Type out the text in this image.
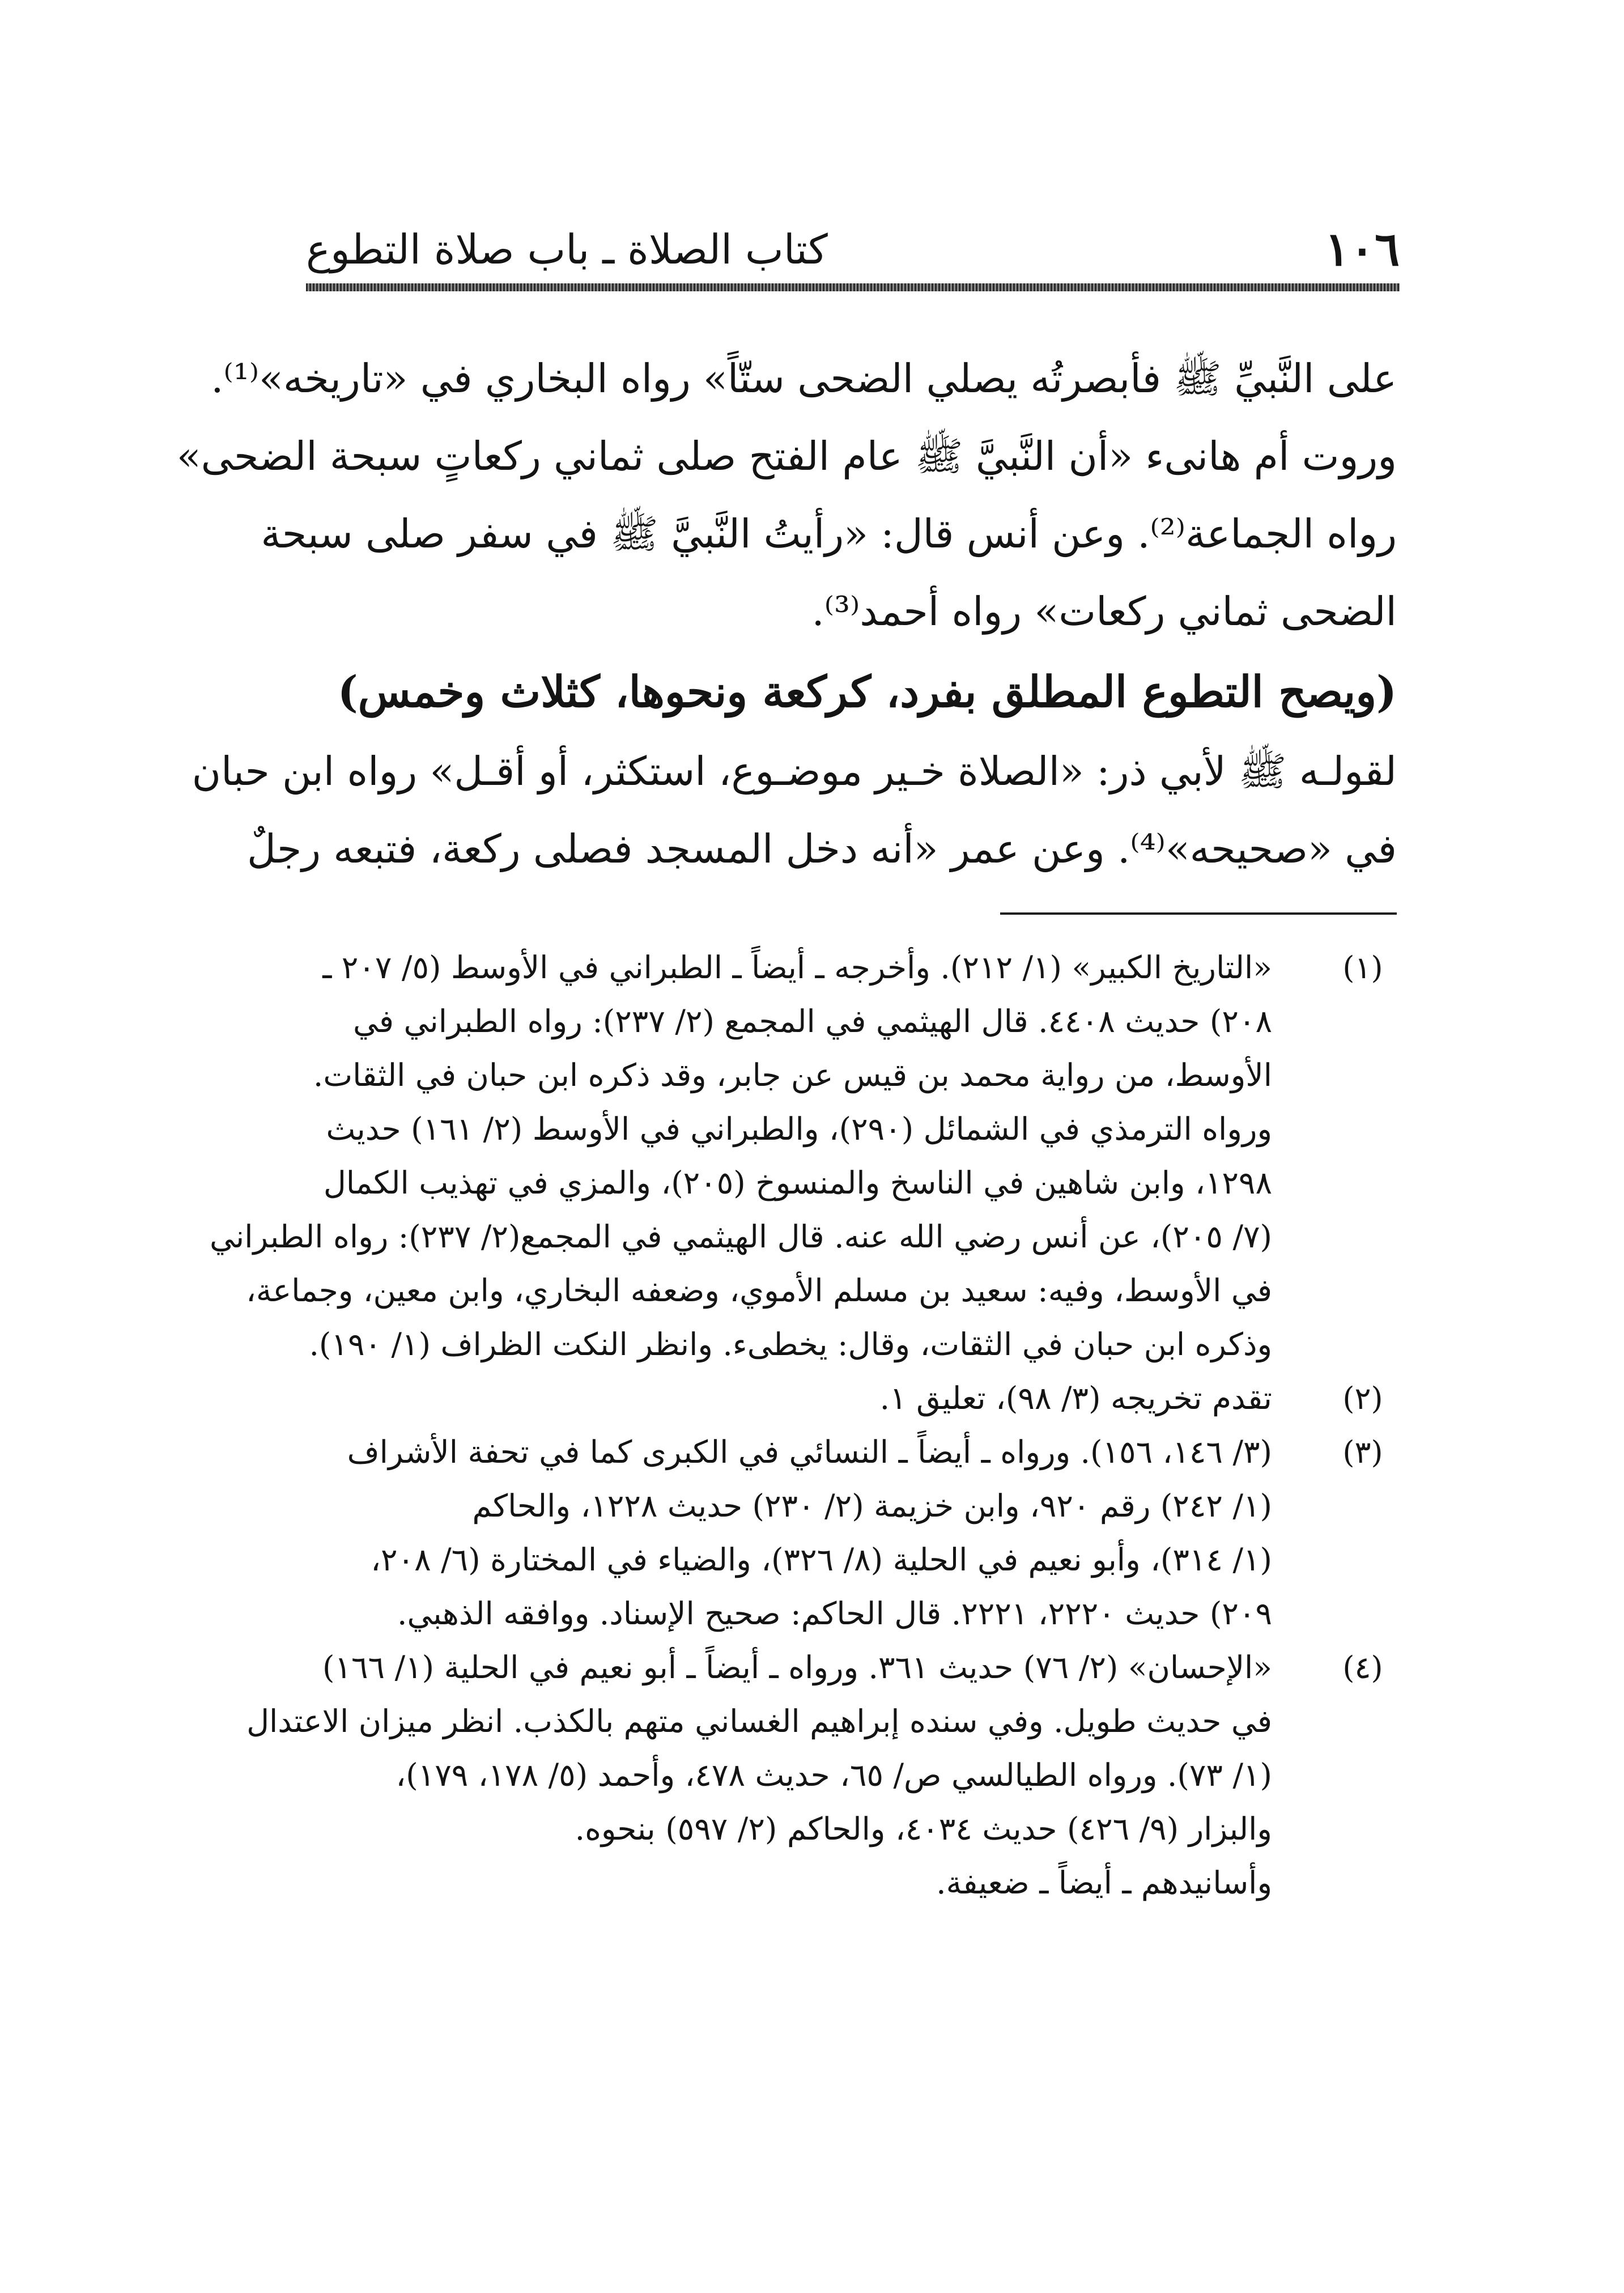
١٠٦
كتاب الصلاة ـ باب صلاة التطوع
على النَّبيِّ ﷺ فأبصرتُه يصلي الضحى ستّاً» رواه البخاري في «تاريخه»⁽¹⁾.
وروت أم هانىء «أن النَّبيَّ ﷺ عام الفتح صلى ثماني ركعاتٍ سبحة الضحى»
رواه الجماعة⁽²⁾. وعن أنس قال: «رأيتُ النَّبيَّ ﷺ في سفر صلى سبحة
الضحى ثماني ركعات» رواه أحمد⁽³⁾.
(ويصح التطوع المطلق بفرد، كركعة ونحوها، كثلاث وخمس)
لقولـه ﷺ لأبي ذر: «الصلاة خـير موضـوع، استكثر، أو أقـل» رواه ابن حبان
في «صحيحه»⁽⁴⁾. وعن عمر «أنه دخل المسجد فصلى ركعة، فتبعه رجلٌ
(١)
«التاريخ الكبير» (١/ ٢١٢). وأخرجه ـ أيضاً ـ الطبراني في الأوسط (٥/ ٢٠٧ ـ
٢٠٨) حديث ٤٤٠٨. قال الهيثمي في المجمع (٢/ ٢٣٧): رواه الطبراني في
الأوسط، من رواية محمد بن قيس عن جابر، وقد ذكره ابن حبان في الثقات.
ورواه الترمذي في الشمائل (٢٩٠)، والطبراني في الأوسط (٢/ ١٦١) حديث
١٢٩٨، وابن شاهين في الناسخ والمنسوخ (٢٠٥)، والمزي في تهذيب الكمال
(٧/ ٢٠٥)، عن أنس رضي الله عنه. قال الهيثمي في المجمع(٢/ ٢٣٧): رواه الطبراني
في الأوسط، وفيه: سعيد بن مسلم الأموي، وضعفه البخاري، وابن معين، وجماعة،
وذكره ابن حبان في الثقات، وقال: يخطىء. وانظر النكت الظراف (١/ ١٩٠).
(٢)
تقدم تخريجه (٣/ ٩٨)، تعليق ١.
(٣)
(٣/ ١٤٦، ١٥٦). ورواه ـ أيضاً ـ النسائي في الكبرى كما في تحفة الأشراف
(١/ ٢٤٢) رقم ٩٢٠، وابن خزيمة (٢/ ٢٣٠) حديث ١٢٢٨، والحاكم
(١/ ٣١٤)، وأبو نعيم في الحلية (٨/ ٣٢٦)، والضياء في المختارة (٦/ ٢٠٨،
٢٠٩) حديث ٢٢٢٠، ٢٢٢١. قال الحاكم: صحيح الإسناد. ووافقه الذهبي.
(٤)
«الإحسان» (٢/ ٧٦) حديث ٣٦١. ورواه ـ أيضاً ـ أبو نعيم في الحلية (١/ ١٦٦)
في حديث طويل. وفي سنده إبراهيم الغساني متهم بالكذب. انظر ميزان الاعتدال
(١/ ٧٣). ورواه الطيالسي ص/ ٦٥، حديث ٤٧٨، وأحمد (٥/ ١٧٨، ١٧٩)،
والبزار (٩/ ٤٢٦) حديث ٤٠٣٤، والحاكم (٢/ ٥٩٧) بنحوه.
وأسانيدهم ـ أيضاً ـ ضعيفة.
